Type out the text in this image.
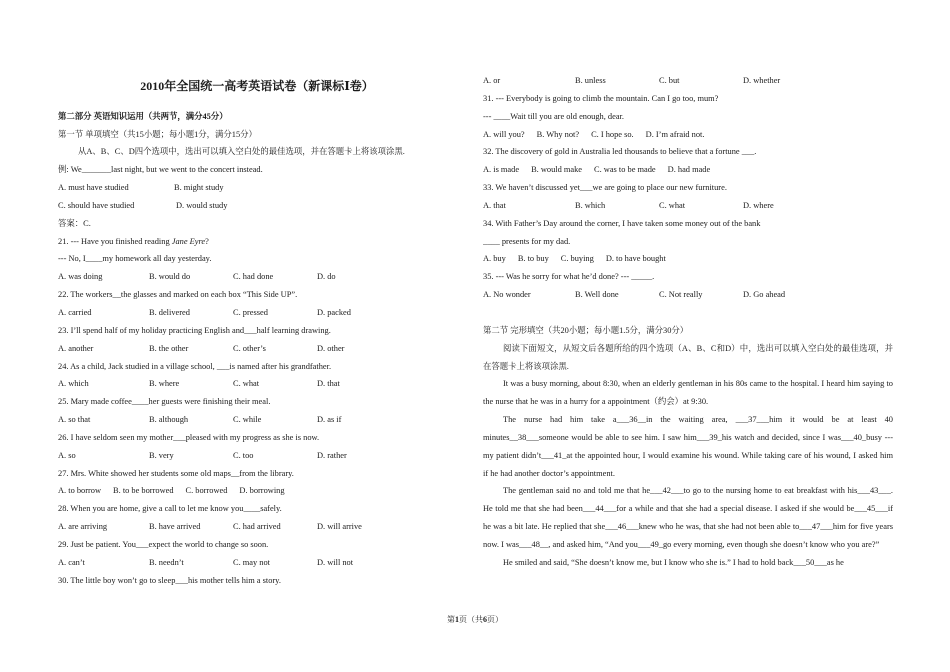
2010年全国统一高考英语试卷（新课标Ⅰ卷）
第二部分 英语知识运用（共两节，满分45分）
第一节 单项填空（共15小题；每小题1分，满分15分）
从A、B、C、D四个选项中，选出可以填入空白处的最佳选项，并在答题卡上将该项涂黑.
例: We_______last night, but we went to the concert instead.
A. must have studied	B. might study
C. should have studied	D. would study
答案：C.
21. --- Have you finished reading Jane Eyre?
--- No, I____my homework all day yesterday.
A. was doing	B. would do	C. had done	D. do
22. The workers__the glasses and marked on each box “This Side UP”.
A. carried	B. delivered	C. pressed	D. packed
23. I’ll spend half of my holiday practicing English and___half learning drawing.
A. another	B. the other	C. other’s	D. other
24. As a child, Jack studied in a village school, ___is named after his grandfather.
A. which	B. where	C. what	D. that
25. Mary made coffee____her guests were finishing their meal.
A. so that	B. although	C. while	D. as if
26. I have seldom seen my mother___pleased with my progress as she is now.
A. so	B. very	C. too	D. rather
27. Mrs. White showed her students some old maps__from the library.
A. to borrow B. to be borrowed C. borrowed D. borrowing
28. When you are home, give a call to let me know you____safely.
A. are arriving	B. have arrived	C. had arrived	D. will arrive
29. Just be patient. You___expect the world to change so soon.
A. can’t	B. needn’t	C. may not	D. will not
30. The little boy won’t go to sleep___his mother tells him a story.
A. or	B. unless	C. but	D. whether
31. --- Everybody is going to climb the mountain. Can I go too, mum?
--- ____Wait till you are old enough, dear.
A. will you? B. Why not? C. I hope so. D. I’m afraid not.
32. The discovery of gold in Australia led thousands to believe that a fortune ___.
A. is made B. would make C. was to be made D. had made
33. We haven’t discussed yet___we are going to place our new furniture.
A. that	B. which	C. what	D. where
34. With Father’s Day around the corner, I have taken some money out of the bank
____ presents for my dad.
A. buy B. to buy C. buying D. to have bought
35. --- Was he sorry for what he’d done? --- _____.
A. No wonder	B. Well done	C. Not really	D. Go ahead
第二节 完形填空（共20小题；每小题1.5分，满分30分）
阅读下面短文，从短文后各题所给的四个选项（A、B、C和D）中，选出可以填入空白处的最佳选项，并在答题卡上将该项涂黑.
It was a busy morning, about 8:30, when an elderly gentleman in his 80s came to the hospital. I heard him saying to the nurse that he was in a hurry for a appointment（约会）at 9:30.
The nurse had him take a___36__in the waiting area, ___37___him it would be at least 40 minutes__38___someone would be able to see him. I saw him___39_his watch and decided, since I was___40_busy --- my patient didn’t___41_at the appointed hour, I would examine his wound. While taking care of his wound, I asked him if he had another doctor’s appointment.
The gentleman said no and told me that he___42___to go to the nursing home to eat breakfast with his___43___. He told me that she had been___44___for a while and that she had a special disease. I asked if she would be___45___if he was a bit late. He replied that she___46___knew who he was, that she had not been able to___47___him for five years now. I was___48__, and asked him, “And you___49_go every morning, even though she doesn’t know who you are?”
He smiled and said, “She doesn’t know me, but I know who she is.” I had to hold back___50___as he
第1页（共6页）
